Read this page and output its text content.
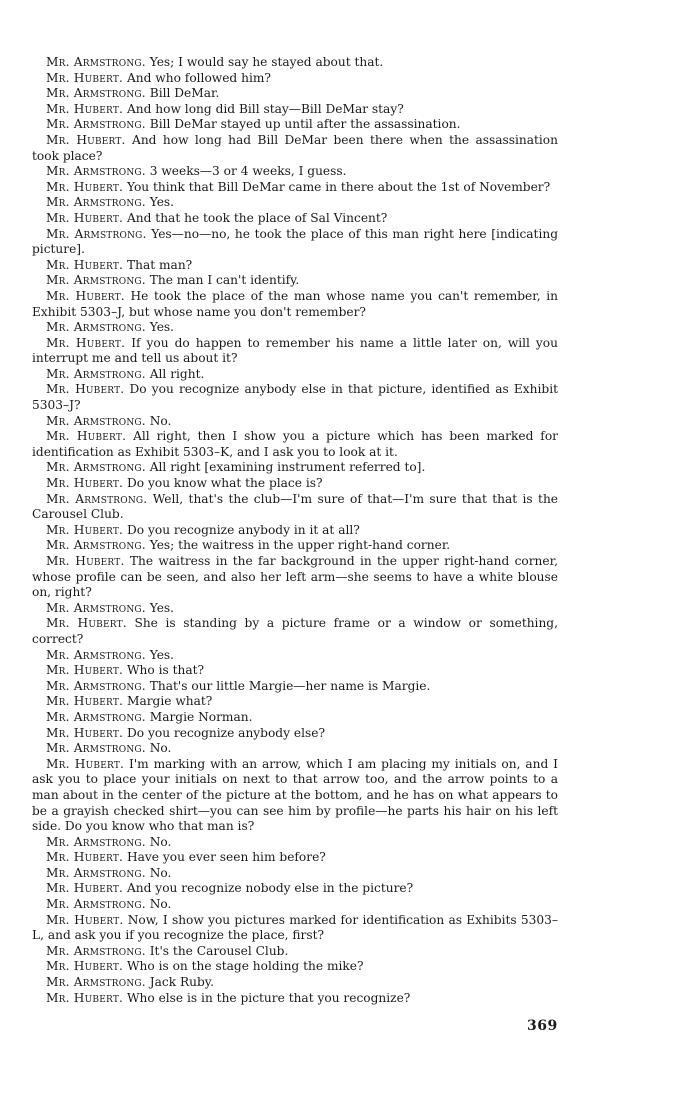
Mr. Armstrong. Yes; I would say he stayed about that.

Mr. Hubert. And who followed him?

Mr. Armstrong. Bill DeMar.

Mr. Hubert. And how long did Bill stay—Bill DeMar stay?

Mr. Armstrong. Bill DeMar stayed up until after the assassination.

Mr. Hubert. And how long had Bill DeMar been there when the assassination took place?

Mr. Armstrong. 3 weeks—3 or 4 weeks, I guess.

Mr. Hubert. You think that Bill DeMar came in there about the 1st of November?

Mr. Armstrong. Yes.

Mr. Hubert. And that he took the place of Sal Vincent?

Mr. Armstrong. Yes—no—no, he took the place of this man right here [indicating picture].

Mr. Hubert. That man?

Mr. Armstrong. The man I can't identify.

Mr. Hubert. He took the place of the man whose name you can't remember, in Exhibit 5303–J, but whose name you don't remember?

Mr. Armstrong. Yes.

Mr. Hubert. If you do happen to remember his name a little later on, will you interrupt me and tell us about it?

Mr. Armstrong. All right.

Mr. Hubert. Do you recognize anybody else in that picture, identified as Exhibit 5303–J?

Mr. Armstrong. No.

Mr. Hubert. All right, then I show you a picture which has been marked for identification as Exhibit 5303–K, and I ask you to look at it.

Mr. Armstrong. All right [examining instrument referred to].

Mr. Hubert. Do you know what the place is?

Mr. Armstrong. Well, that's the club—I'm sure of that—I'm sure that that is the Carousel Club.

Mr. Hubert. Do you recognize anybody in it at all?

Mr. Armstrong. Yes; the waitress in the upper right-hand corner.

Mr. Hubert. The waitress in the far background in the upper right-hand corner, whose profile can be seen, and also her left arm—she seems to have a white blouse on, right?

Mr. Armstrong. Yes.

Mr. Hubert. She is standing by a picture frame or a window or something, correct?

Mr. Armstrong. Yes.

Mr. Hubert. Who is that?

Mr. Armstrong. That's our little Margie—her name is Margie.

Mr. Hubert. Margie what?

Mr. Armstrong. Margie Norman.

Mr. Hubert. Do you recognize anybody else?

Mr. Armstrong. No.

Mr. Hubert. I'm marking with an arrow, which I am placing my initials on, and I ask you to place your initials on next to that arrow too, and the arrow points to a man about in the center of the picture at the bottom, and he has on what appears to be a grayish checked shirt—you can see him by profile—he parts his hair on his left side. Do you know who that man is?

Mr. Armstrong. No.

Mr. Hubert. Have you ever seen him before?

Mr. Armstrong. No.

Mr. Hubert. And you recognize nobody else in the picture?

Mr. Armstrong. No.

Mr. Hubert. Now, I show you pictures marked for identification as Exhibits 5303–L, and ask you if you recognize the place, first?

Mr. Armstrong. It's the Carousel Club.

Mr. Hubert. Who is on the stage holding the mike?

Mr. Armstrong. Jack Ruby.

Mr. Hubert. Who else is in the picture that you recognize?

369
